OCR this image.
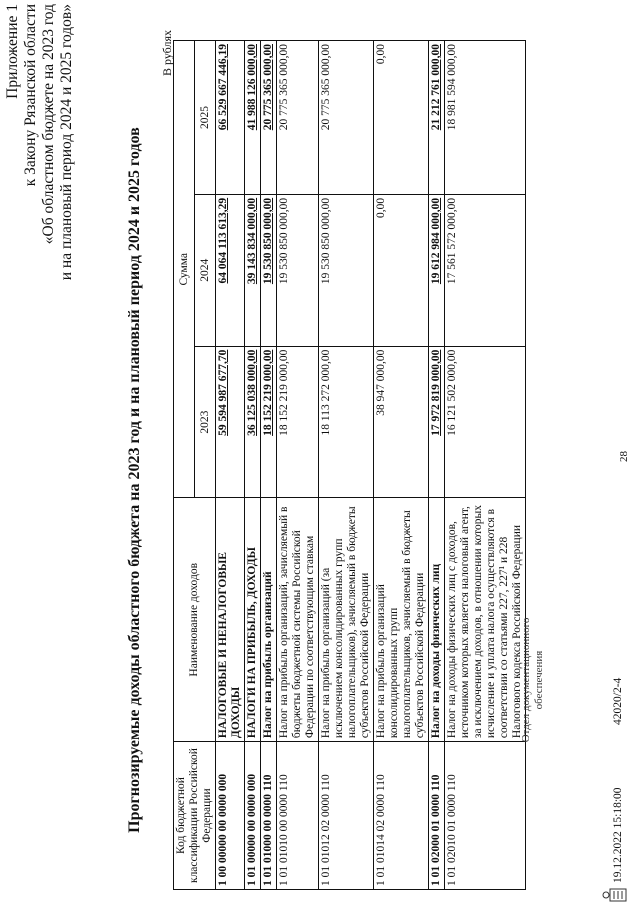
28
Приложение 1 к Закону Рязанской области «Об областном бюджете на 2023 год и на плановый период 2024 и 2025 годов»	Прогнозируемые доходы областного бюджета на 2023 год и на плановый период 2024 и 2025 годов
В рублях
Код бюджетной классификации Российской Федерации	Наименование доходов	Сумма		
		2023	2024	2025
1 00 00000 00 0000 000	НАЛОГОВЫЕ И НЕНАЛОГОВЫЕ ДОХОДЫ	59 594 987 677,70	64 064 113 613,29	66 529 667 446,19
1 01 00000 00 0000 000	НАЛОГИ НА ПРИБЫЛЬ, ДОХОДЫ	36 125 038 000,00	39 143 834 000,00	41 988 126 000,00
1 01 01000 00 0000 110	Налог на прибыль организаций	18 152 219 000,00	19 530 850 000,00	20 775 365 000,00
1 01 01010 00 0000 110	Налог на прибыль организаций, зачисляемый в бюджеты бюджетной системы Российской Федерации по соответствующим ставкам	18 152 219 000,00	19 530 850 000,00	20 775 365 000,00
1 01 01012 02 0000 110	Налог на прибыль организаций (за исключением консолидированных групп налогоплательщиков), зачисляемый в бюджеты субъектов Российской Федерации	18 113 272 000,00	19 530 850 000,00	20 775 365 000,00
1 01 01014 02 0000 110	Налог на прибыль организаций консолидированных групп налогоплательщиков, зачисляемый в бюджеты субъектов Российской Федерации	38 947 000,00	0,00	0,00
1 01 02000 01 0000 110	Налог на доходы физических лиц	17 972 819 000,00	19 612 984 000,00	21 212 761 000,00
1 01 02010 01 0000 110	Налог на доходы физических лиц с доходов, источником которых является налоговый агент, за исключением доходов, в отношении которых исчисление и уплата налога осуществляются в соответствии со статьями 227, 227¹ и 228 Налогового кодекса Российской Федерации	16 121 502 000,00	17 561 572 000,00	18 981 594 000,00
Отдел документационного обеспечения
19.12.2022 15:18:00
42020/2-4
